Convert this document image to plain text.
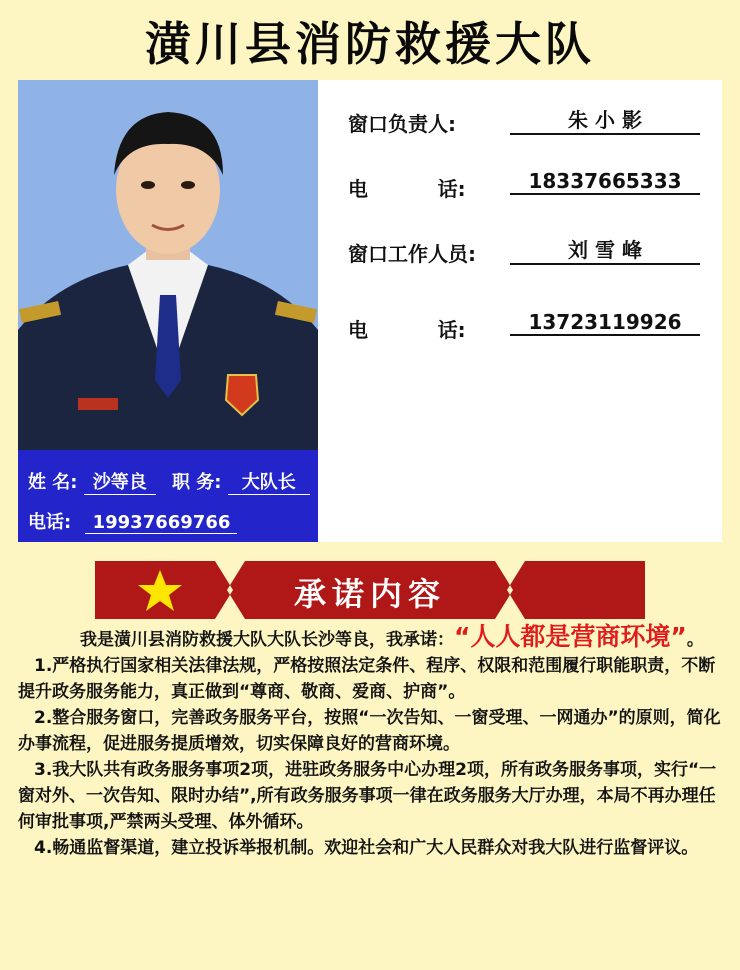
潢川县消防救援大队
姓 名: 沙等良 职 务: 大队长
电话: 19937669766
窗口负责人:	朱 小 影
电          话:	18337665333
窗口工作人员:	刘 雪 峰
电          话:	13723119926
承诺内容

我是潢川县消防救援大队大队长沙等良，我承诺：“人人都是营商环境”。

1.严格执行国家相关法律法规，严格按照法定条件、程序、权限和范围履行职能职责，不断提升政务服务能力，真正做到“尊商、敬商、爱商、护商”。

2.整合服务窗口，完善政务服务平台，按照“一次告知、一窗受理、一网通办”的原则，简化办事流程，促进服务提质增效，切实保障良好的营商环境。

3.我大队共有政务服务事项2项，进驻政务服务中心办理2项，所有政务服务事项，实行“一窗对外、一次告知、限时办结”,所有政务服务事项一律在政务服务大厅办理，本局不再办理任何审批事项,严禁两头受理、体外循环。

4.畅通监督渠道，建立投诉举报机制。欢迎社会和广大人民群众对我大队进行监督评议。
